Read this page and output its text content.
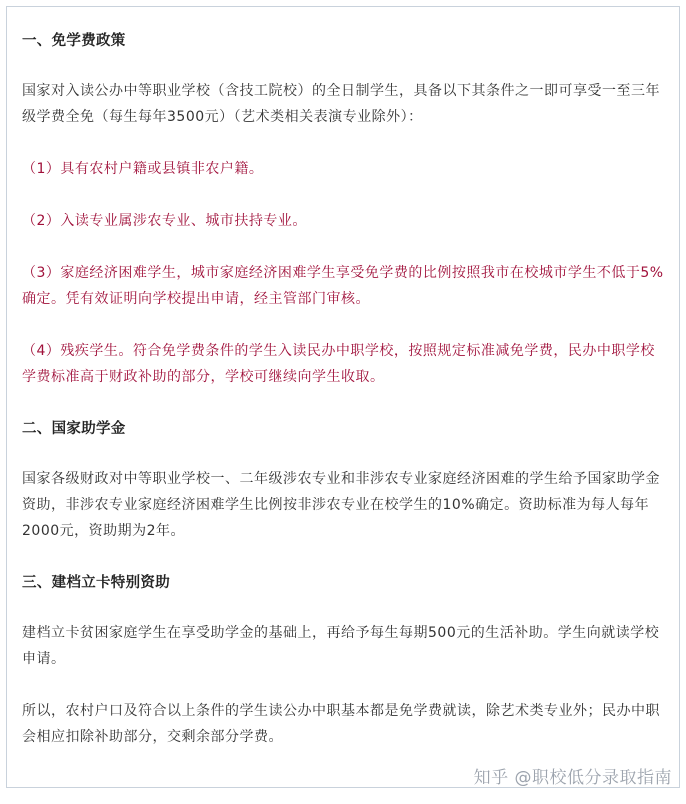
一、免学费政策
国家对入读公办中等职业学校（含技工院校）的全日制学生，具备以下其条件之一即可享受一至三年级学费全免（每生每年3500元）（艺术类相关表演专业除外）：
（1）具有农村户籍或县镇非农户籍。
（2）入读专业属涉农专业、城市扶持专业。
（3）家庭经济困难学生，城市家庭经济困难学生享受免学费的比例按照我市在校城市学生不低于5%确定。凭有效证明向学校提出申请，经主管部门审核。
（4）残疾学生。符合免学费条件的学生入读民办中职学校，按照规定标准减免学费，民办中职学校学费标准高于财政补助的部分，学校可继续向学生收取。
二、国家助学金
国家各级财政对中等职业学校一、二年级涉农专业和非涉农专业家庭经济困难的学生给予国家助学金资助，非涉农专业家庭经济困难学生比例按非涉农专业在校学生的10%确定。资助标准为每人每年2000元，资助期为2年。
三、建档立卡特别资助
建档立卡贫困家庭学生在享受助学金的基础上，再给予每生每期500元的生活补助。学生向就读学校申请。
所以，农村户口及符合以上条件的学生读公办中职基本都是免学费就读，除艺术类专业外；民办中职会相应扣除补助部分，交剩余部分学费。
知乎 @职校低分录取指南
